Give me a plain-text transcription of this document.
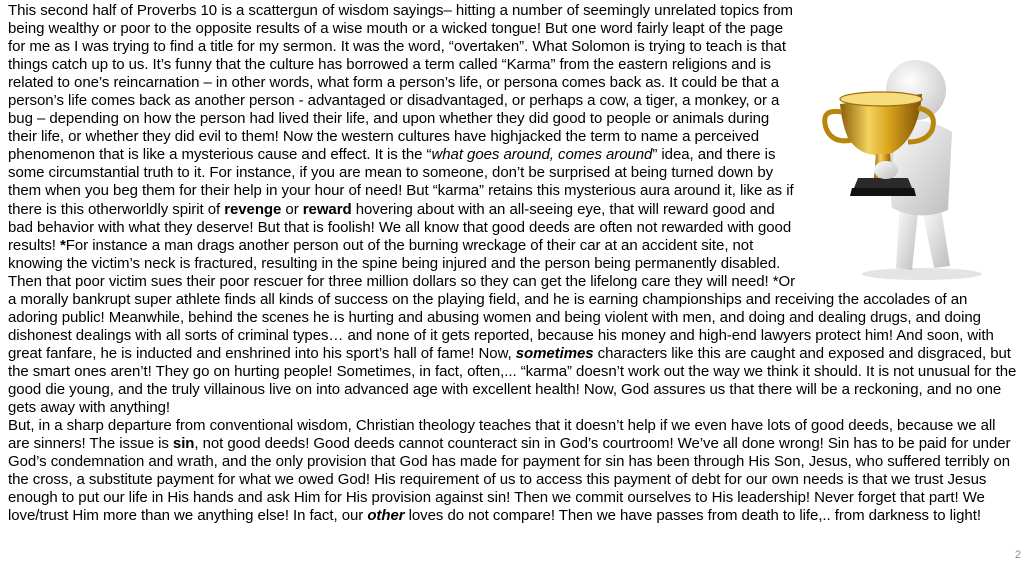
This second half of Proverbs 10 is a scattergun of wisdom sayings– hitting a number of seemingly unrelated topics from being wealthy or poor to the opposite results of a wise mouth or a wicked tongue! But one word fairly leapt of the page for me as I was trying to find a title for my sermon. It was the word, “overtaken”. What Solomon is trying to teach is that things catch up to us. It’s funny that the culture has borrowed a term called “Karma” from the eastern religions and is related to one’s reincarnation – in other words, what form a person’s life, or persona comes back as. It could be that a person’s life comes back as another person - advantaged or disadvantaged, or perhaps a cow, a tiger, a monkey, or a bug – depending on how the person had lived their life, and upon whether they did good to people or animals during their life, or whether they did evil to them! Now the western cultures have highjacked the term to name a perceived phenomenon that is like a mysterious cause and effect. It is the “what goes around, comes around” idea, and there is some circumstantial truth to it. For instance, if you are mean to someone, don’t be surprised at being turned down by them when you beg them for their help in your hour of need! But “karma” retains this mysterious aura around it, like as if there is this otherworldly spirit of revenge or reward hovering about with an all-seeing eye, that will reward good and bad behavior with what they deserve! But that is foolish! We all know that good deeds are often not rewarded with good results! *For instance a man drags another person out of the burning wreckage of their car at an accident site, not knowing the victim’s neck is fractured, resulting in the spine being injured and the person being permanently disabled. Then that poor victim sues their poor rescuer for three million dollars so they can get the lifelong care they will need! *Or a morally bankrupt super athlete finds all kinds of success on the playing field, and he is earning championships and receiving the accolades of an adoring public! Meanwhile, behind the scenes he is hurting and abusing women and being violent with men, and doing and dealing drugs, and doing dishonest dealings with all sorts of criminal types… and none of it gets reported, because his money and high-end lawyers protect him! And soon, with great fanfare, he is inducted and enshrined into his sport’s hall of fame! Now, sometimes characters like this are caught and exposed and disgraced, but the smart ones aren’t! They go on hurting people! Sometimes, in fact, often,... “karma” doesn’t work out the way we think it should. It is not unusual for the good die young, and the truly villainous live on into advanced age with excellent health! Now, God assures us that there will be a reckoning, and no one gets away with anything!

But, in a sharp departure from conventional wisdom, Christian theology teaches that it doesn’t help if we even have lots of good deeds, because we all are sinners! The issue is sin, not good deeds! Good deeds cannot counteract sin in God’s courtroom! We’ve all done wrong! Sin has to be paid for under God’s condemnation and wrath, and the only provision that God has made for payment for sin has been through His Son, Jesus, who suffered terribly on the cross, a substitute payment for what we owed God! His requirement of us to access this payment of debt for our own needs is that we trust Jesus enough to put our life in His hands and ask Him for His provision against sin! Then we commit ourselves to His leadership! Never forget that part! We love/trust Him more than we anything else! In fact, our other loves do not compare! Then we have passes from death to life,.. from darkness to light!

2
